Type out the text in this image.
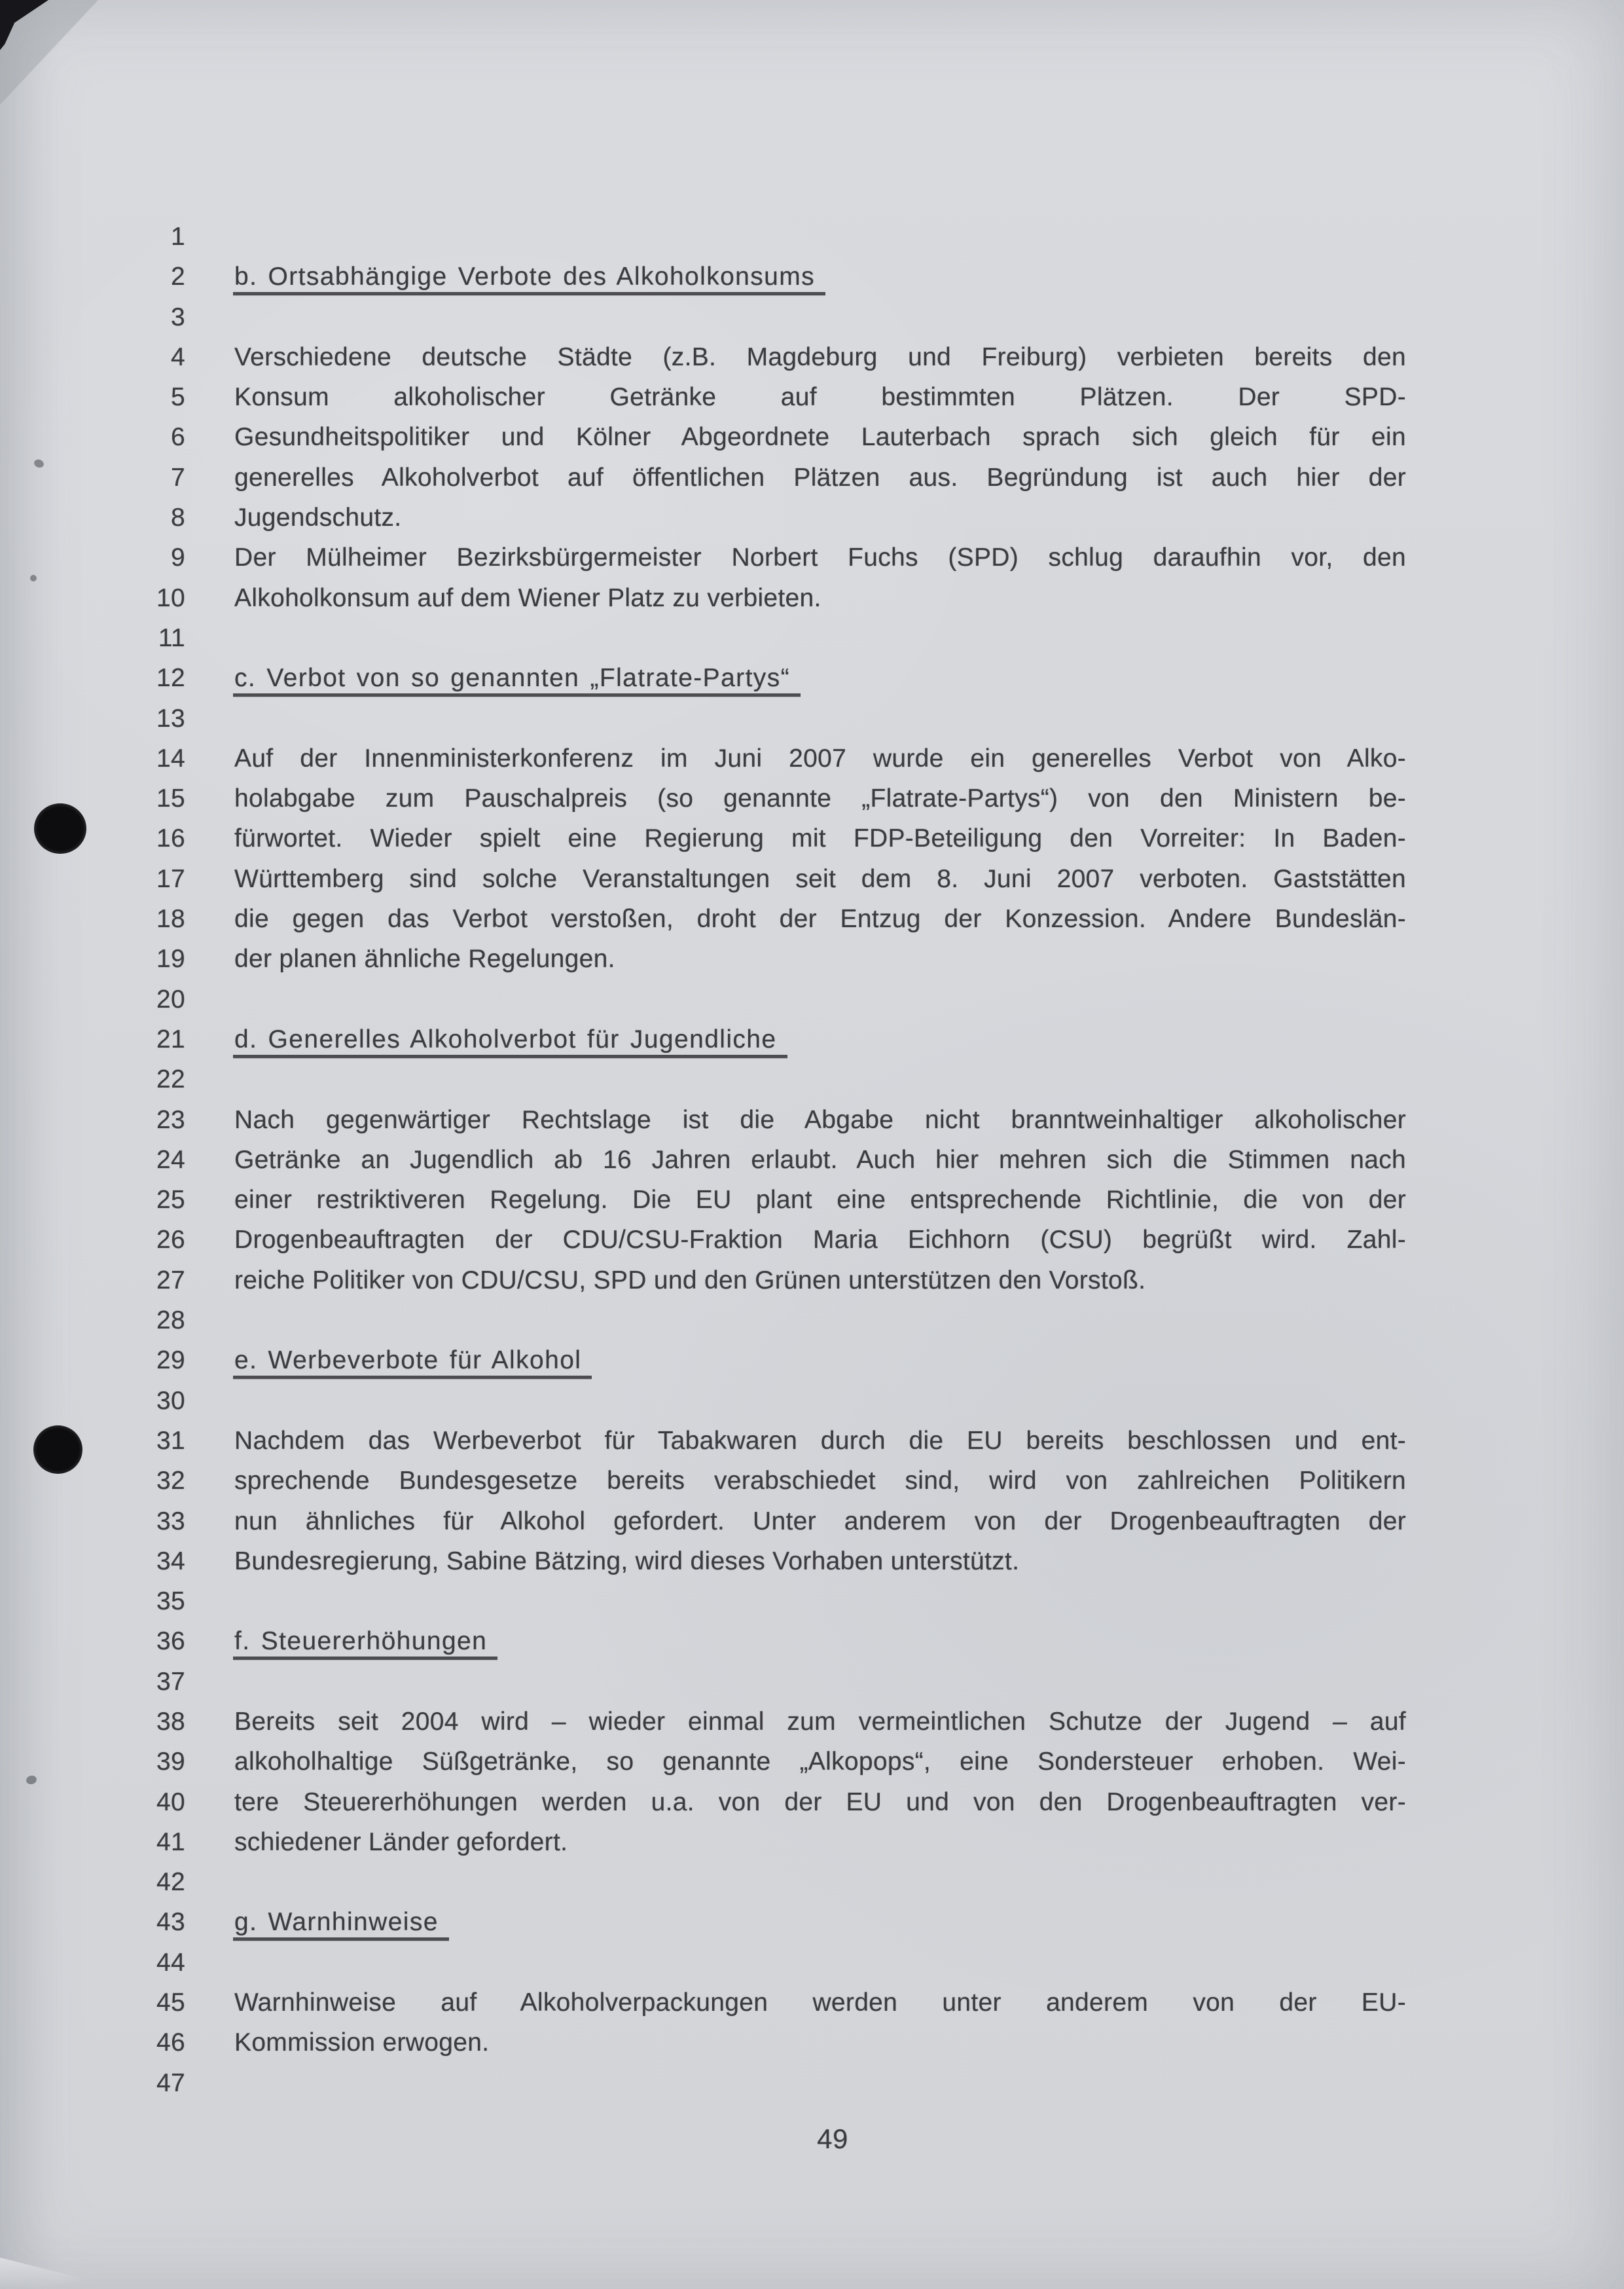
1
2 b. Ortsabhängige Verbote des Alkoholkonsums
3
4 Verschiedene deutsche Städte (z.B. Magdeburg und Freiburg) verbieten bereits den
5 Konsum alkoholischer Getränke auf bestimmten Plätzen. Der SPD-
6 Gesundheitspolitiker und Kölner Abgeordnete Lauterbach sprach sich gleich für ein
7 generelles Alkoholverbot auf öffentlichen Plätzen aus. Begründung ist auch hier der
8 Jugendschutz.
9 Der Mülheimer Bezirksbürgermeister Norbert Fuchs (SPD) schlug daraufhin vor, den
10 Alkoholkonsum auf dem Wiener Platz zu verbieten.
11
12 c. Verbot von so genannten „Flatrate-Partys“
13
14 Auf der Innenministerkonferenz im Juni 2007 wurde ein generelles Verbot von Alko-
15 holabgabe zum Pauschalpreis (so genannte „Flatrate-Partys“) von den Ministern be-
16 fürwortet. Wieder spielt eine Regierung mit FDP-Beteiligung den Vorreiter: In Baden-
17 Württemberg sind solche Veranstaltungen seit dem 8. Juni 2007 verboten. Gaststätten
18 die gegen das Verbot verstoßen, droht der Entzug der Konzession. Andere Bundeslän-
19 der planen ähnliche Regelungen.
20
21 d. Generelles Alkoholverbot für Jugendliche
22
23 Nach gegenwärtiger Rechtslage ist die Abgabe nicht branntweinhaltiger alkoholischer
24 Getränke an Jugendlich ab 16 Jahren erlaubt. Auch hier mehren sich die Stimmen nach
25 einer restriktiveren Regelung. Die EU plant eine entsprechende Richtlinie, die von der
26 Drogenbeauftragten der CDU/CSU-Fraktion Maria Eichhorn (CSU) begrüßt wird. Zahl-
27 reiche Politiker von CDU/CSU, SPD und den Grünen unterstützen den Vorstoß.
28
29 e. Werbeverbote für Alkohol
30
31 Nachdem das Werbeverbot für Tabakwaren durch die EU bereits beschlossen und ent-
32 sprechende Bundesgesetze bereits verabschiedet sind, wird von zahlreichen Politikern
33 nun ähnliches für Alkohol gefordert. Unter anderem von der Drogenbeauftragten der
34 Bundesregierung, Sabine Bätzing, wird dieses Vorhaben unterstützt.
35
36 f. Steuererhöhungen
37
38 Bereits seit 2004 wird – wieder einmal zum vermeintlichen Schutze der Jugend – auf
39 alkoholhaltige Süßgetränke, so genannte „Alkopops“, eine Sondersteuer erhoben. Wei-
40 tere Steuererhöhungen werden u.a. von der EU und von den Drogenbeauftragten ver-
41 schiedener Länder gefordert.
42
43 g. Warnhinweise
44
45 Warnhinweise auf Alkoholverpackungen werden unter anderem von der EU-
46 Kommission erwogen.
47
49
